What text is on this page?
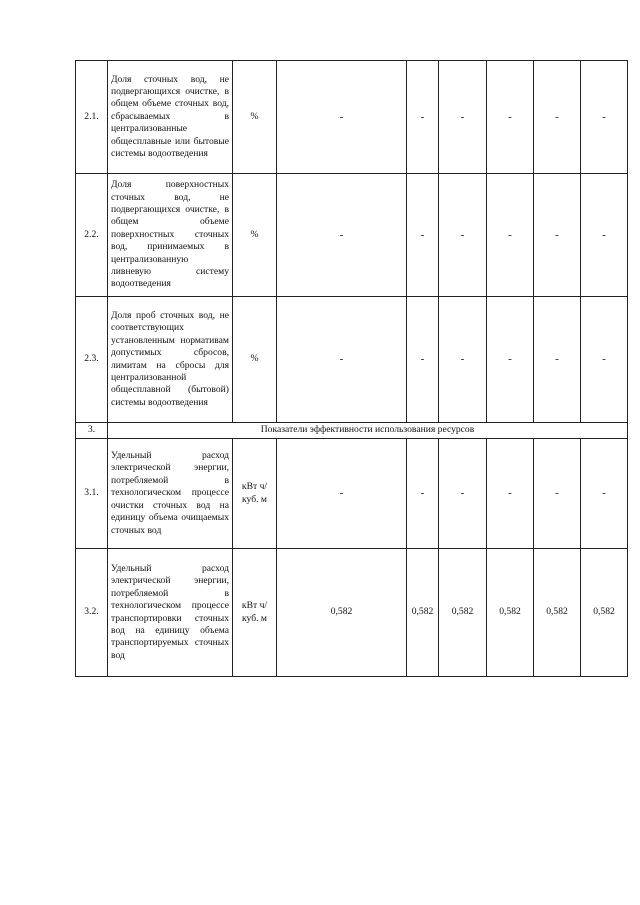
2.1.	Доля сточных вод, не подвергающихся очистке, в общем объеме сточных вод, сбрасываемых в централизованные общесплавные или бытовые системы водоотведения	%	-	-	-	-	-	-
2.2.	Доля поверхностных сточных вод, не подвергающихся очистке, в общем объеме поверхностных сточных вод, принимаемых в централизованную ливневую систему водоотведения	%	-	-	-	-	-	-
2.3.	Доля проб сточных вод, не соответствующих установленным нормативам допустимых сбросов, лимитам на сбросы для централизованной общесплавной (бытовой) системы водоотведения	%	-	-	-	-	-	-
3.	Показатели эффективности использования ресурсов							
3.1.	Удельный расход электрической энергии, потребляемой в технологическом процессе очистки сточных вод на единицу объема очищаемых сточных вод	кВт ч/куб. м	-	-	-	-	-	-
3.2.	Удельный расход электрической энергии, потребляемой в технологическом процессе транспортировки сточных вод на единицу объема транспортируемых сточных вод	кВт ч/куб. м	0,582	0,582	0,582	0,582	0,582	0,582
